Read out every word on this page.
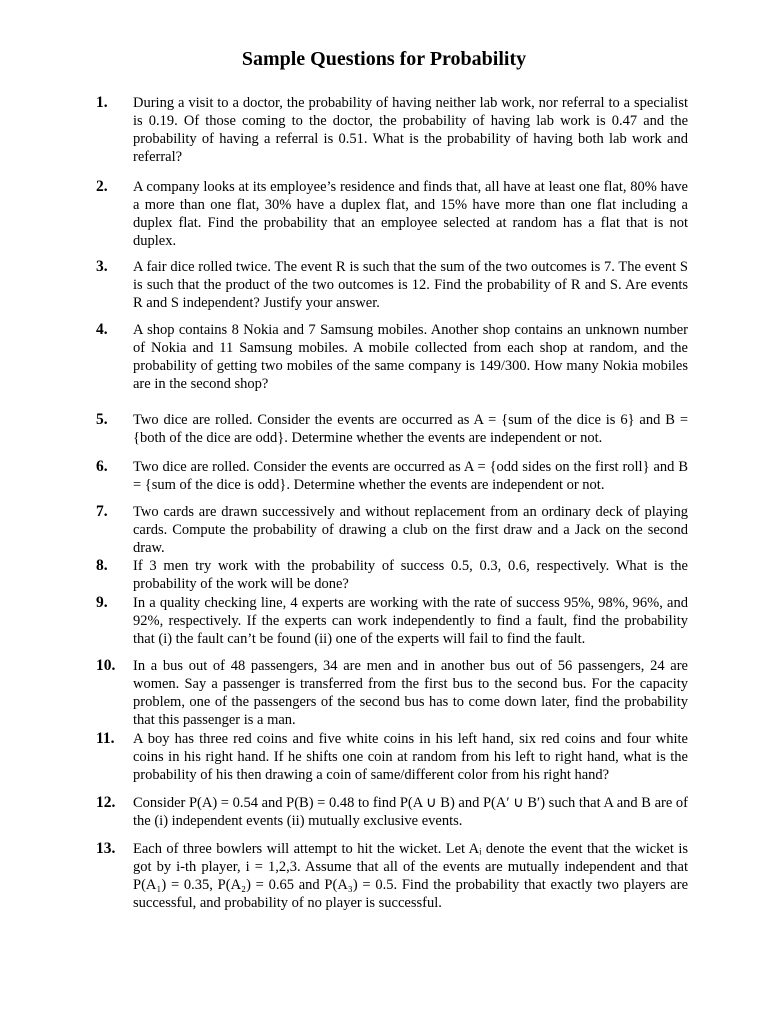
Sample Questions for Probability
1.	During a visit to a doctor, the probability of having neither lab work, nor referral to a specialist is 0.19. Of those coming to the doctor, the probability of having lab work is 0.47 and the probability of having a referral is 0.51. What is the probability of having both lab work and referral?
2.	A company looks at its employee’s residence and finds that, all have at least one flat, 80% have a more than one flat, 30% have a duplex flat, and 15% have more than one flat including a duplex flat. Find the probability that an employee selected at random has a flat that is not duplex.
3.	A fair dice rolled twice. The event R is such that the sum of the two outcomes is 7. The event S is such that the product of the two outcomes is 12. Find the probability of R and S. Are events R and S independent? Justify your answer.
4.	A shop contains 8 Nokia and 7 Samsung mobiles. Another shop contains an unknown number of Nokia and 11 Samsung mobiles. A mobile collected from each shop at random, and the probability of getting two mobiles of the same company is 149/300. How many Nokia mobiles are in the second shop?
5.	Two dice are rolled. Consider the events are occurred as A = {sum of the dice is 6} and B = {both of the dice are odd}. Determine whether the events are independent or not.
6.	Two dice are rolled. Consider the events are occurred as A = {odd sides on the first roll} and B = {sum of the dice is odd}. Determine whether the events are independent or not.
7.	Two cards are drawn successively and without replacement from an ordinary deck of playing cards. Compute the probability of drawing a club on the first draw and a Jack on the second draw.
8.	If 3 men try work with the probability of success 0.5, 0.3, 0.6, respectively. What is the probability of the work will be done?
9.	In a quality checking line, 4 experts are working with the rate of success 95%, 98%, 96%, and 92%, respectively. If the experts can work independently to find a fault, find the probability that (i) the fault can’t be found (ii) one of the experts will fail to find the fault.
10.	In a bus out of 48 passengers, 34 are men and in another bus out of 56 passengers, 24 are women. Say a passenger is transferred from the first bus to the second bus. For the capacity problem, one of the passengers of the second bus has to come down later, find the probability that this passenger is a man.
11.	A boy has three red coins and five white coins in his left hand, six red coins and four white coins in his right hand. If he shifts one coin at random from his left to right hand, what is the probability of his then drawing a coin of same/different color from his right hand?
12.	Consider P(A) = 0.54 and P(B) = 0.48 to find P(A ∪ B) and P(A′ ∪ B′) such that A and B are of the (i) independent events (ii) mutually exclusive events.
13.	Each of three bowlers will attempt to hit the wicket. Let Aᵢ denote the event that the wicket is got by i-th player, i = 1,2,3. Assume that all of the events are mutually independent and that P(A₁) = 0.35, P(A₂) = 0.65 and P(A₃) = 0.5. Find the probability that exactly two players are successful, and probability of no player is successful.
